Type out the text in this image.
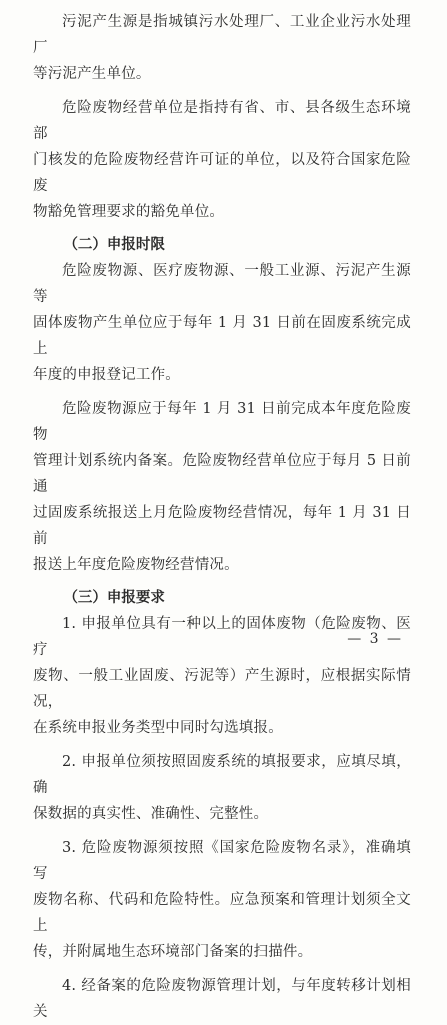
污泥产生源是指城镇污水处理厂、工业企业污水处理厂

等污泥产生单位。

危险废物经营单位是指持有省、市、县各级生态环境部

门核发的危险废物经营许可证的单位，以及符合国家危险废
物豁免管理要求的豁免单位。

（二）申报时限

危险废物源、医疗废物源、一般工业源、污泥产生源等

固体废物产生单位应于每年 1 月 31 日前在固废系统完成上
年度的申报登记工作。

危险废物源应于每年 1 月 31 日前完成本年度危险废物

管理计划系统内备案。危险废物经营单位应于每月 5 日前通
过固废系统报送上月危险废物经营情况，每年 1 月 31 日前
报送上年度危险废物经营情况。

（三）申报要求

1. 申报单位具有一种以上的固体废物（危险废物、医疗

废物、一般工业固废、污泥等）产生源时，应根据实际情况，
在系统申报业务类型中同时勾选填报。

2. 申报单位须按照固废系统的填报要求，应填尽填，确

保数据的真实性、准确性、完整性。

3. 危险废物源须按照《国家危险废物名录》，准确填写

废物名称、代码和危险特性。应急预案和管理计划须全文上
传，并附属地生态环境部门备案的扫描件。

4. 经备案的危险废物源管理计划，与年度转移计划相关

— 3 —
